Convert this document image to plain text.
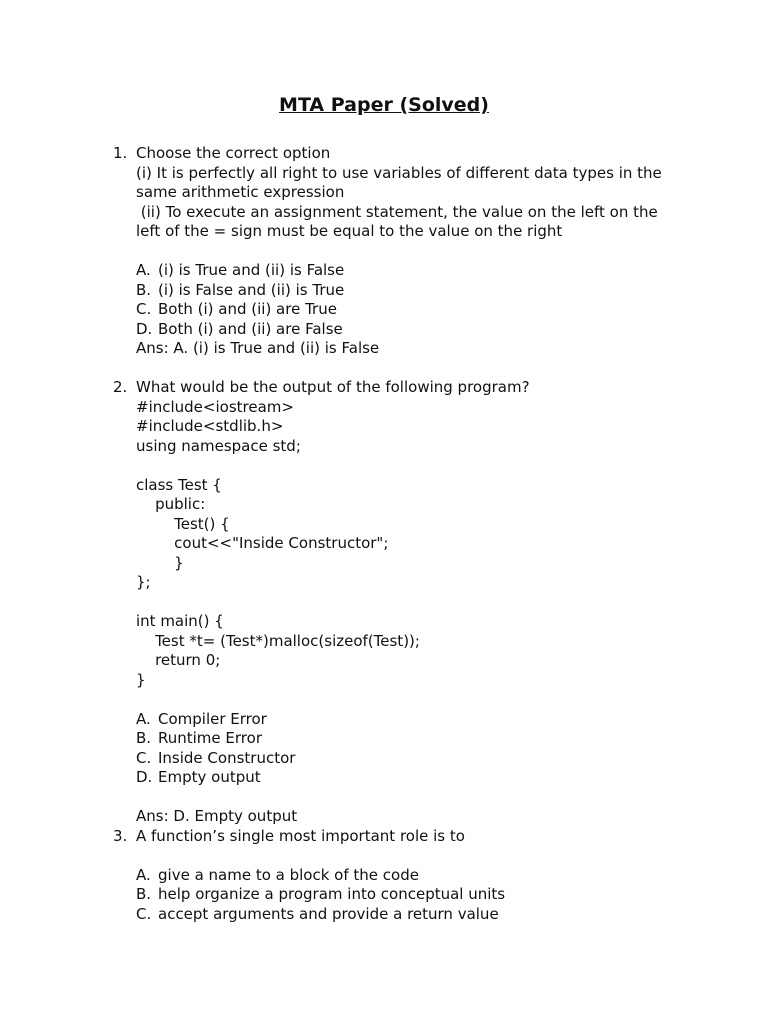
MTA Paper (Solved)
1. Choose the correct option
(i) It is perfectly all right to use variables of different data types in the same arithmetic expression
(ii) To execute an assignment statement, the value on the left on the left of the = sign must be equal to the value on the right
A. (i) is True and (ii) is False
B. (i) is False and (ii) is True
C. Both (i) and (ii) are True
D. Both (i) and (ii) are False
Ans: A. (i) is True and (ii) is False
2. What would be the output of the following program?
#include<iostream>
#include<stdlib.h>
using namespace std;
class Test {
public:
Test() {
cout<<"Inside Constructor";
}
};
int main() {
Test *t= (Test*)malloc(sizeof(Test));
return 0;
}
A. Compiler Error
B. Runtime Error
C. Inside Constructor
D. Empty output
Ans: D. Empty output
3. A function’s single most important role is to
A. give a name to a block of the code
B. help organize a program into conceptual units
C. accept arguments and provide a return value
